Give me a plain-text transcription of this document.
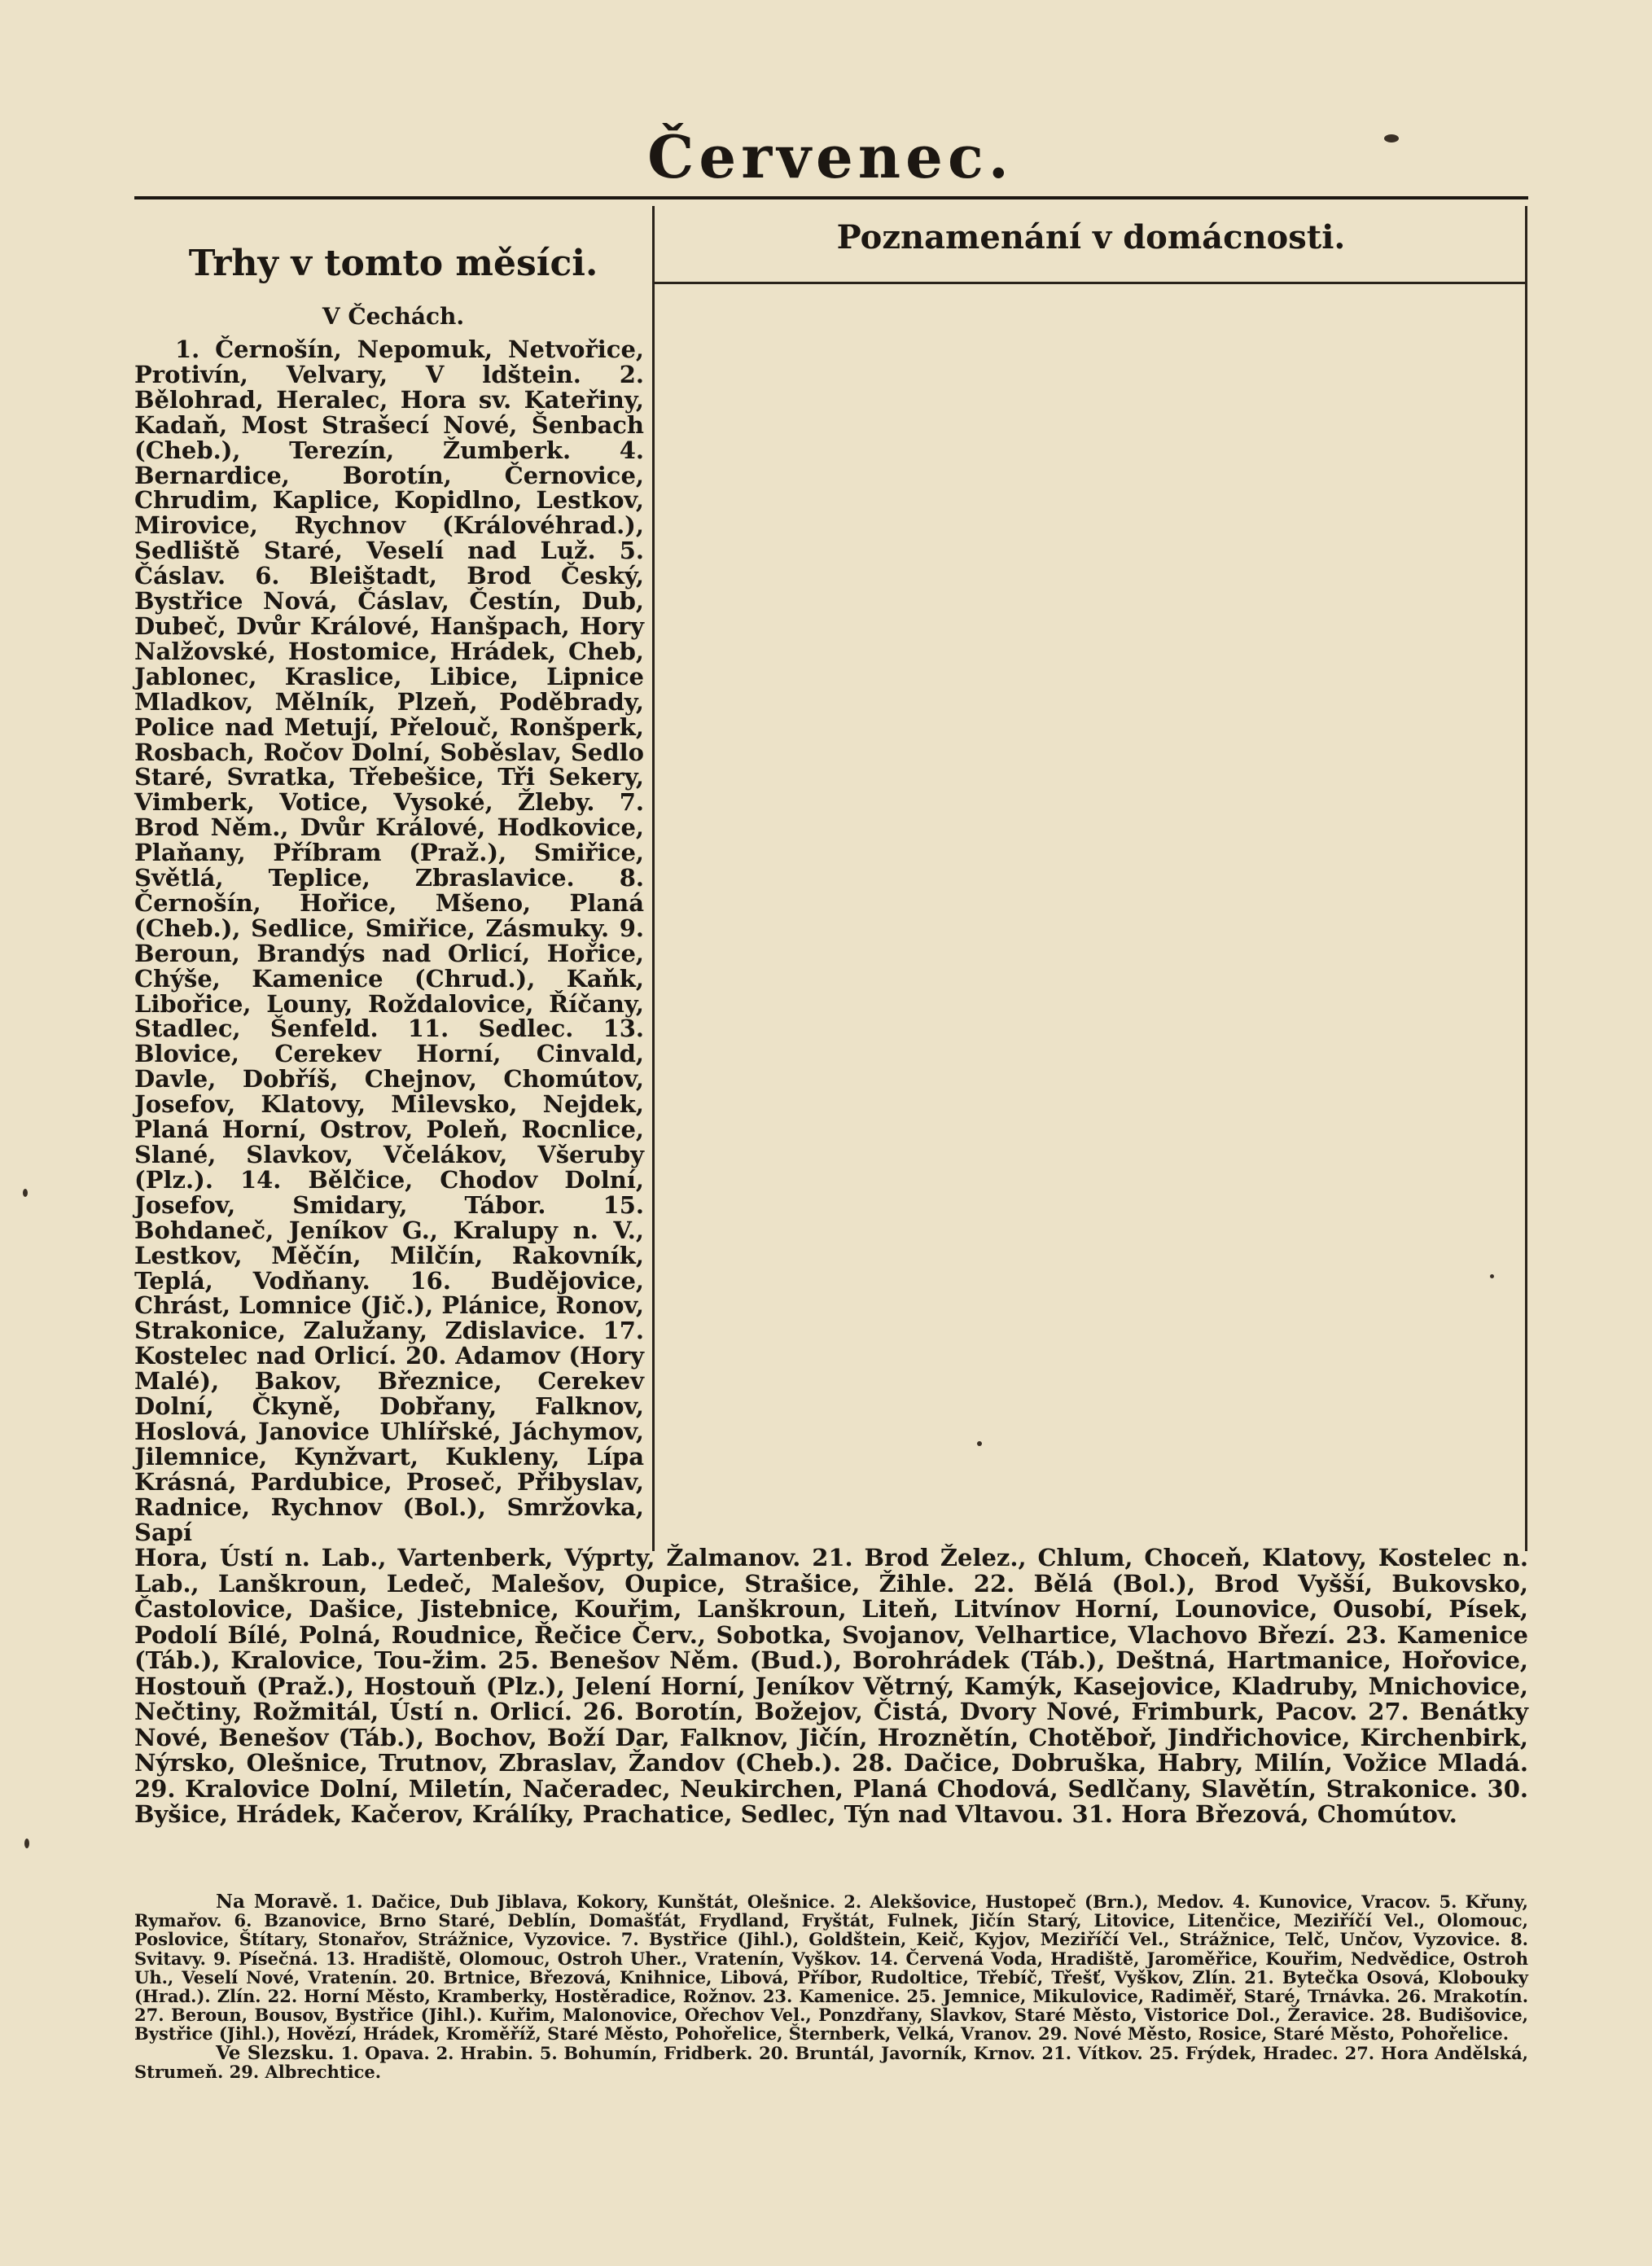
Červenec.
Poznamenání v domácnosti.
Trhy v tomto měsíci.
V Čechách.
1. Černošín, Nepomuk, Netvořice, Protivín, Velvary, V ldštein. 2. Bělohrad, Heralec, Hora sv. Kateřiny, Kadaň, Most Strašecí Nové, Šenbach (Cheb.), Terezín, Žumberk. 4. Bernardice, Borotín, Černovice, Chrudim, Kaplice, Kopidlno, Lestkov, Mirovice, Rychnov (Královéhrad.), Sedliště Staré, Veselí nad Luž. 5. Čáslav. 6. Bleištadt, Brod Český, Bystřice Nová, Čáslav, Čestín, Dub, Dubeč, Dvůr Králové, Hanšpach, Hory Nalžovské, Hostomice, Hrádek, Cheb, Jablonec, Kraslice, Libice, Lipnice Mladkov, Mělník, Plzeň, Poděbrady, Police nad Metují, Přelouč, Ronšperk, Rosbach, Ročov Dolní, Soběslav, Sedlo Staré, Svratka, Třebešice, Tři Sekery, Vimberk, Votice, Vysoké, Žleby. 7. Brod Něm., Dvůr Králové, Hodkovice, Plaňany, Příbram (Praž.), Smiřice, Světlá, Teplice, Zbraslavice. 8. Černošín, Hořice, Mšeno, Planá (Cheb.), Sedlice, Smiřice, Zásmuky. 9. Beroun, Brandýs nad Orlicí, Hořice, Chýše, Kamenice (Chrud.), Kaňk, Libořice, Louny, Roždalovice, Říčany, Stadlec, Šenfeld. 11. Sedlec. 13. Blovice, Cerekev Horní, Cinvald, Davle, Dobříš, Chejnov, Chomútov, Josefov, Klatovy, Milevsko, Nejdek, Planá Horní, Ostrov, Poleň, Rocnlice, Slané, Slavkov, Včelákov, Všeruby (Plz.). 14. Bělčice, Chodov Dolní, Josefov, Smidary, Tábor. 15. Bohdaneč, Jeníkov G., Kralupy n. V., Lestkov, Měčín, Milčín, Rakovník, Teplá, Vodňany. 16. Budějovice, Chrást, Lomnice (Jič.), Plánice, Ronov, Strakonice, Zalužany, Zdislavice. 17. Kostelec nad Orlicí. 20. Adamov (Hory Malé), Bakov, Březnice, Cerekev Dolní, Čkyně, Dobřany, Falknov, Hoslová, Janovice Uhlířské, Jáchymov, Jilemnice, Kynžvart, Kukleny, Lípa Krásná, Pardubice, Proseč, Přibyslav, Radnice, Rychnov (Bol.), Smržovka, Sapí
Hora, Ústí n. Lab., Vartenberk, Výprty, Žalmanov. 21. Brod Želez., Chlum, Choceň, Klatovy, Kostelec n. Lab., Lanškroun, Ledeč, Malešov, Oupice, Strašice, Žihle. 22. Bělá (Bol.), Brod Vyšší, Bukovsko, Častolovice, Dašice, Jistebnice, Kouřim, Lanškroun, Liteň, Litvínov Horní, Lounovice, Ousobí, Písek, Podolí Bílé, Polná, Roudnice, Řečice Červ., Sobotka, Svojanov, Velhartice, Vlachovo Březí. 23. Kamenice (Táb.), Kralovice, Tou-žim. 25. Benešov Něm. (Bud.), Borohrádek (Táb.), Deštná, Hartmanice, Hořovice, Hostouň (Praž.), Hostouň (Plz.), Jelení Horní, Jeníkov Větrný, Kamýk, Kasejovice, Kladruby, Mnichovice, Nečtiny, Rožmitál, Ústí n. Orlicí. 26. Borotín, Božejov, Čistá, Dvory Nové, Frimburk, Pacov. 27. Benátky Nové, Benešov (Táb.), Bochov, Boží Dar, Falknov, Jičín, Hroznětín, Chotěboř, Jindřichovice, Kirchenbirk, Nýrsko, Olešnice, Trutnov, Zbraslav, Žandov (Cheb.). 28. Dačice, Dobruška, Habry, Milín, Vožice Mladá. 29. Kralovice Dolní, Miletín, Načeradec, Neukirchen, Planá Chodová, Sedlčany, Slavětín, Strakonice. 30. Byšice, Hrádek, Kačerov, Králíky, Prachatice, Sedlec, Týn nad Vltavou. 31. Hora Březová, Chomútov.
Na Moravě. 1. Dačice, Dub Jiblava, Kokory, Kunštát, Olešnice. 2. Alekšovice, Hustopeč (Brn.), Medov. 4. Kunovice, Vracov. 5. Křuny, Rymařov. 6. Bzanovice, Brno Staré, Deblín, Domašťát, Frydland, Fryštát, Fulnek, Jičín Starý, Litovice, Litenčice, Meziříčí Vel., Olomouc, Poslovice, Štítary, Stonařov, Strážnice, Vyzovice. 7. Bystřice (Jihl.), Goldštein, Keič, Kyjov, Meziříčí Vel., Strážnice, Telč, Unčov, Vyzovice. 8. Svitavy. 9. Písečná. 13. Hradiště, Olomouc, Ostroh Uher., Vratenín, Vyškov. 14. Červená Voda, Hradiště, Jaroměřice, Kouřim, Nedvědice, Ostroh Uh., Veselí Nové, Vratenín. 20. Brtnice, Březová, Knihnice, Libová, Příbor, Rudoltice, Třebíč, Třešť, Vyškov, Zlín. 21. Bytečka Osová, Klobouky (Hrad.). Zlín. 22. Horní Město, Kramberky, Hostěradice, Rožnov. 23. Kamenice. 25. Jemnice, Mikulovice, Radiměř, Staré, Trnávka. 26. Mrakotín. 27. Beroun, Bousov, Bystřice (Jihl.). Kuřim, Malonovice, Ořechov Vel., Ponzdřany, Slavkov, Staré Město, Vistorice Dol., Žeravice. 28. Budišovice, Bystřice (Jihl.), Hovězí, Hrádek, Kroměříž, Staré Město, Pohořelice, Šternberk, Velká, Vranov. 29. Nové Město, Rosice, Staré Město, Pohořelice.
Ve Slezsku. 1. Opava. 2. Hrabin. 5. Bohumín, Fridberk. 20. Bruntál, Javorník, Krnov. 21. Vítkov. 25. Frýdek, Hradec. 27. Hora Andělská, Strumeň. 29. Albrechtice.
